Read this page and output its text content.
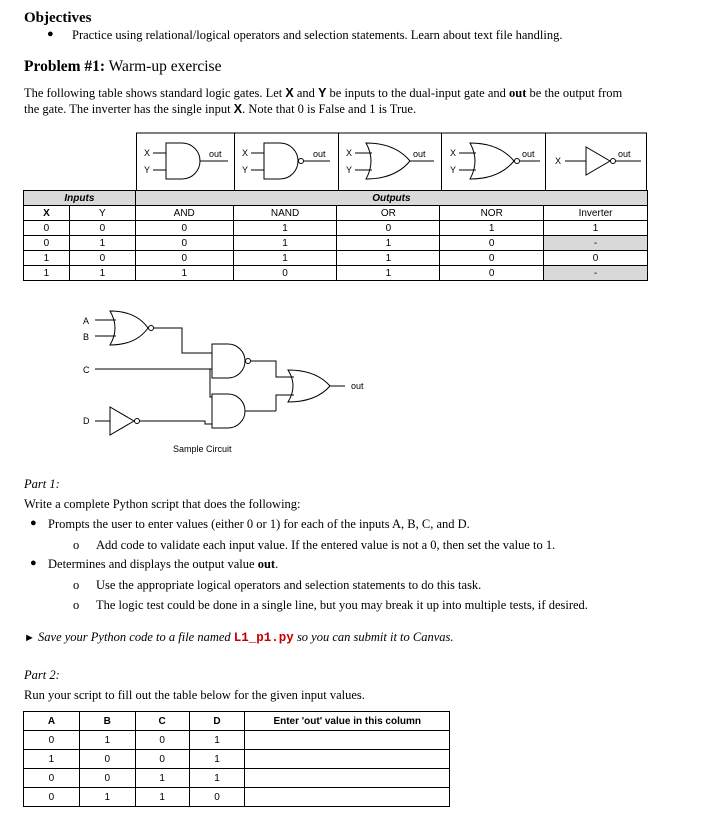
Objectives
● Practice using relational/logical operators and selection statements. Learn about text file handling.
Problem #1: Warm-up exercise
The following table shows standard logic gates. Let X and Y be inputs to the dual-input gate and out be the output from
the gate. The inverter has the single input X. Note that 0 is False and 1 is True.
X
Y
out X
Y
out X
Y
out	X
Y
out
X
out
Inputs		Outputs				
X	Y	AND	NAND	OR	NOR	Inverter
0	0	0	1	0	1	1
0	1	0	1	1	0	-
1	0	0	1	1	0	0
1	1	1	0	1	0	-
A
B
C
D
out
Sample Circuit
Part 1:
Write a complete Python script that does the following:
● Prompts the user to enter values (either 0 or 1) for each of the inputs A, B, C, and D.
o Add code to validate each input value. If the entered value is not a 0, then set the value to 1.
● Determines and displays the output value out.
o Use the appropriate logical operators and selection statements to do this task.
o The logic test could be done in a single line, but you may break it up into multiple tests, if desired.
► Save your Python code to a file named L1_p1.py so you can submit it to Canvas.
Part 2:
Run your script to fill out the table below for the given input values.
A	B	C	D	Enter 'out' value in this column
0	1	0	1	
1	0	0	1	
0	0	1	1	
0	1	1	0	
